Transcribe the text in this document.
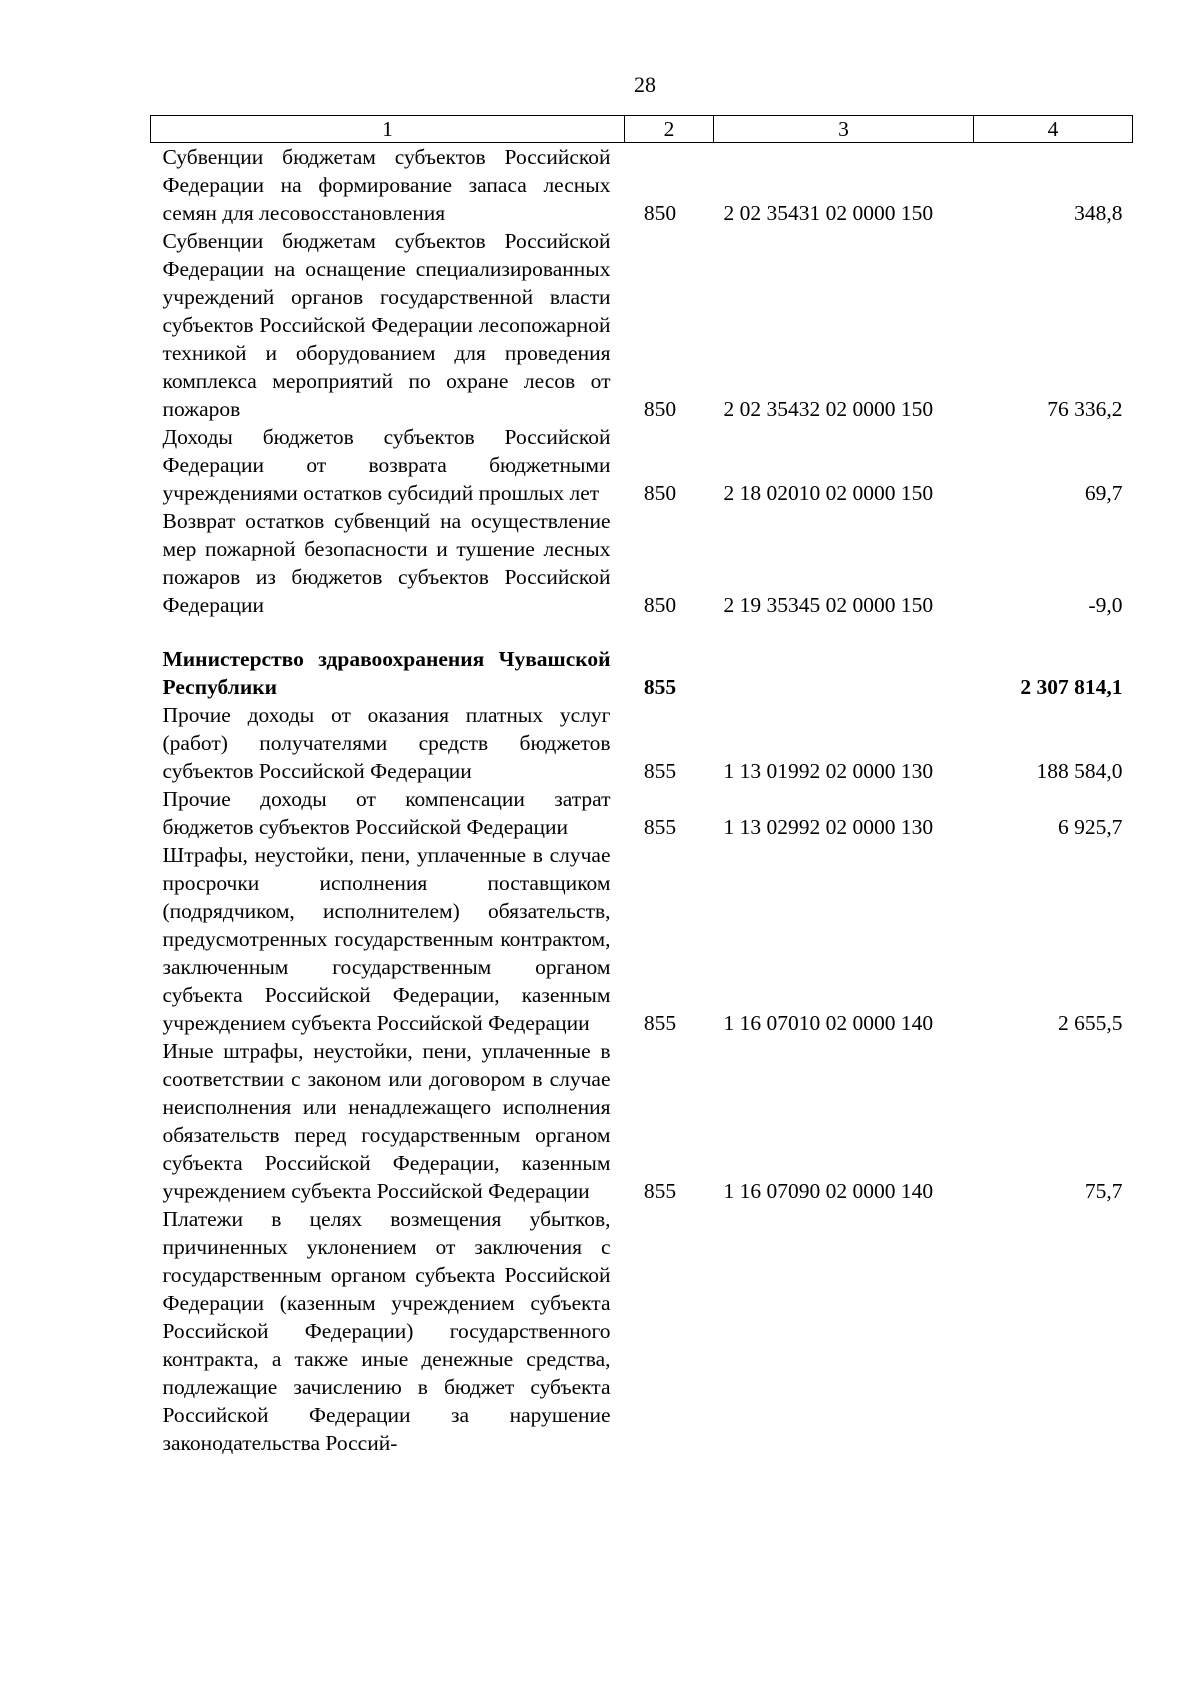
28
1	2	3	4
Субвенции бюджетам субъектов Российской Федерации на формирование запаса лесных семян для лесовосстановления	850	2 02 35431 02 0000 150	348,8
Субвенции бюджетам субъектов Российской Федерации на оснащение специализированных учреждений органов государственной власти субъектов Российской Федерации лесопожарной техникой и оборудованием для проведения комплекса мероприятий по охране лесов от пожаров	850	2 02 35432 02 0000 150	76 336,2
Доходы бюджетов субъектов Российской Федерации от возврата бюджетными учреждениями остатков субсидий прошлых лет	850	2 18 02010 02 0000 150	69,7
Возврат остатков субвенций на осуществление мер пожарной безопасности и тушение лесных пожаров из бюджетов субъектов Российской Федерации	850	2 19 35345 02 0000 150	-9,0

Министерство здравоохранения Чувашской Республики	855		2 307 814,1
Прочие доходы от оказания платных услуг (работ) получателями средств бюджетов субъектов Российской Федерации	855	1 13 01992 02 0000 130	188 584,0
Прочие доходы от компенсации затрат бюджетов субъектов Российской Федерации	855	1 13 02992 02 0000 130	6 925,7
Штрафы, неустойки, пени, уплаченные в случае просрочки исполнения поставщиком (подрядчиком, исполнителем) обязательств, предусмотренных государственным контрактом, заключенным государственным органом субъекта Российской Федерации, казенным учреждением субъекта Российской Федерации	855	1 16 07010 02 0000 140	2 655,5
Иные штрафы, неустойки, пени, уплаченные в соответствии с законом или договором в случае неисполнения или ненадлежащего исполнения обязательств перед государственным органом субъекта Российской Федерации, казенным учреждением субъекта Российской Федерации	855	1 16 07090 02 0000 140	75,7
Платежи в целях возмещения убытков, причиненных уклонением от заключения с государственным органом субъекта Российской Федерации (казенным учреждением субъекта Российской Федерации) государственного контракта, а также иные денежные средства, подлежащие зачислению в бюджет субъекта Российской Федерации за нарушение законодательства Россий-			
